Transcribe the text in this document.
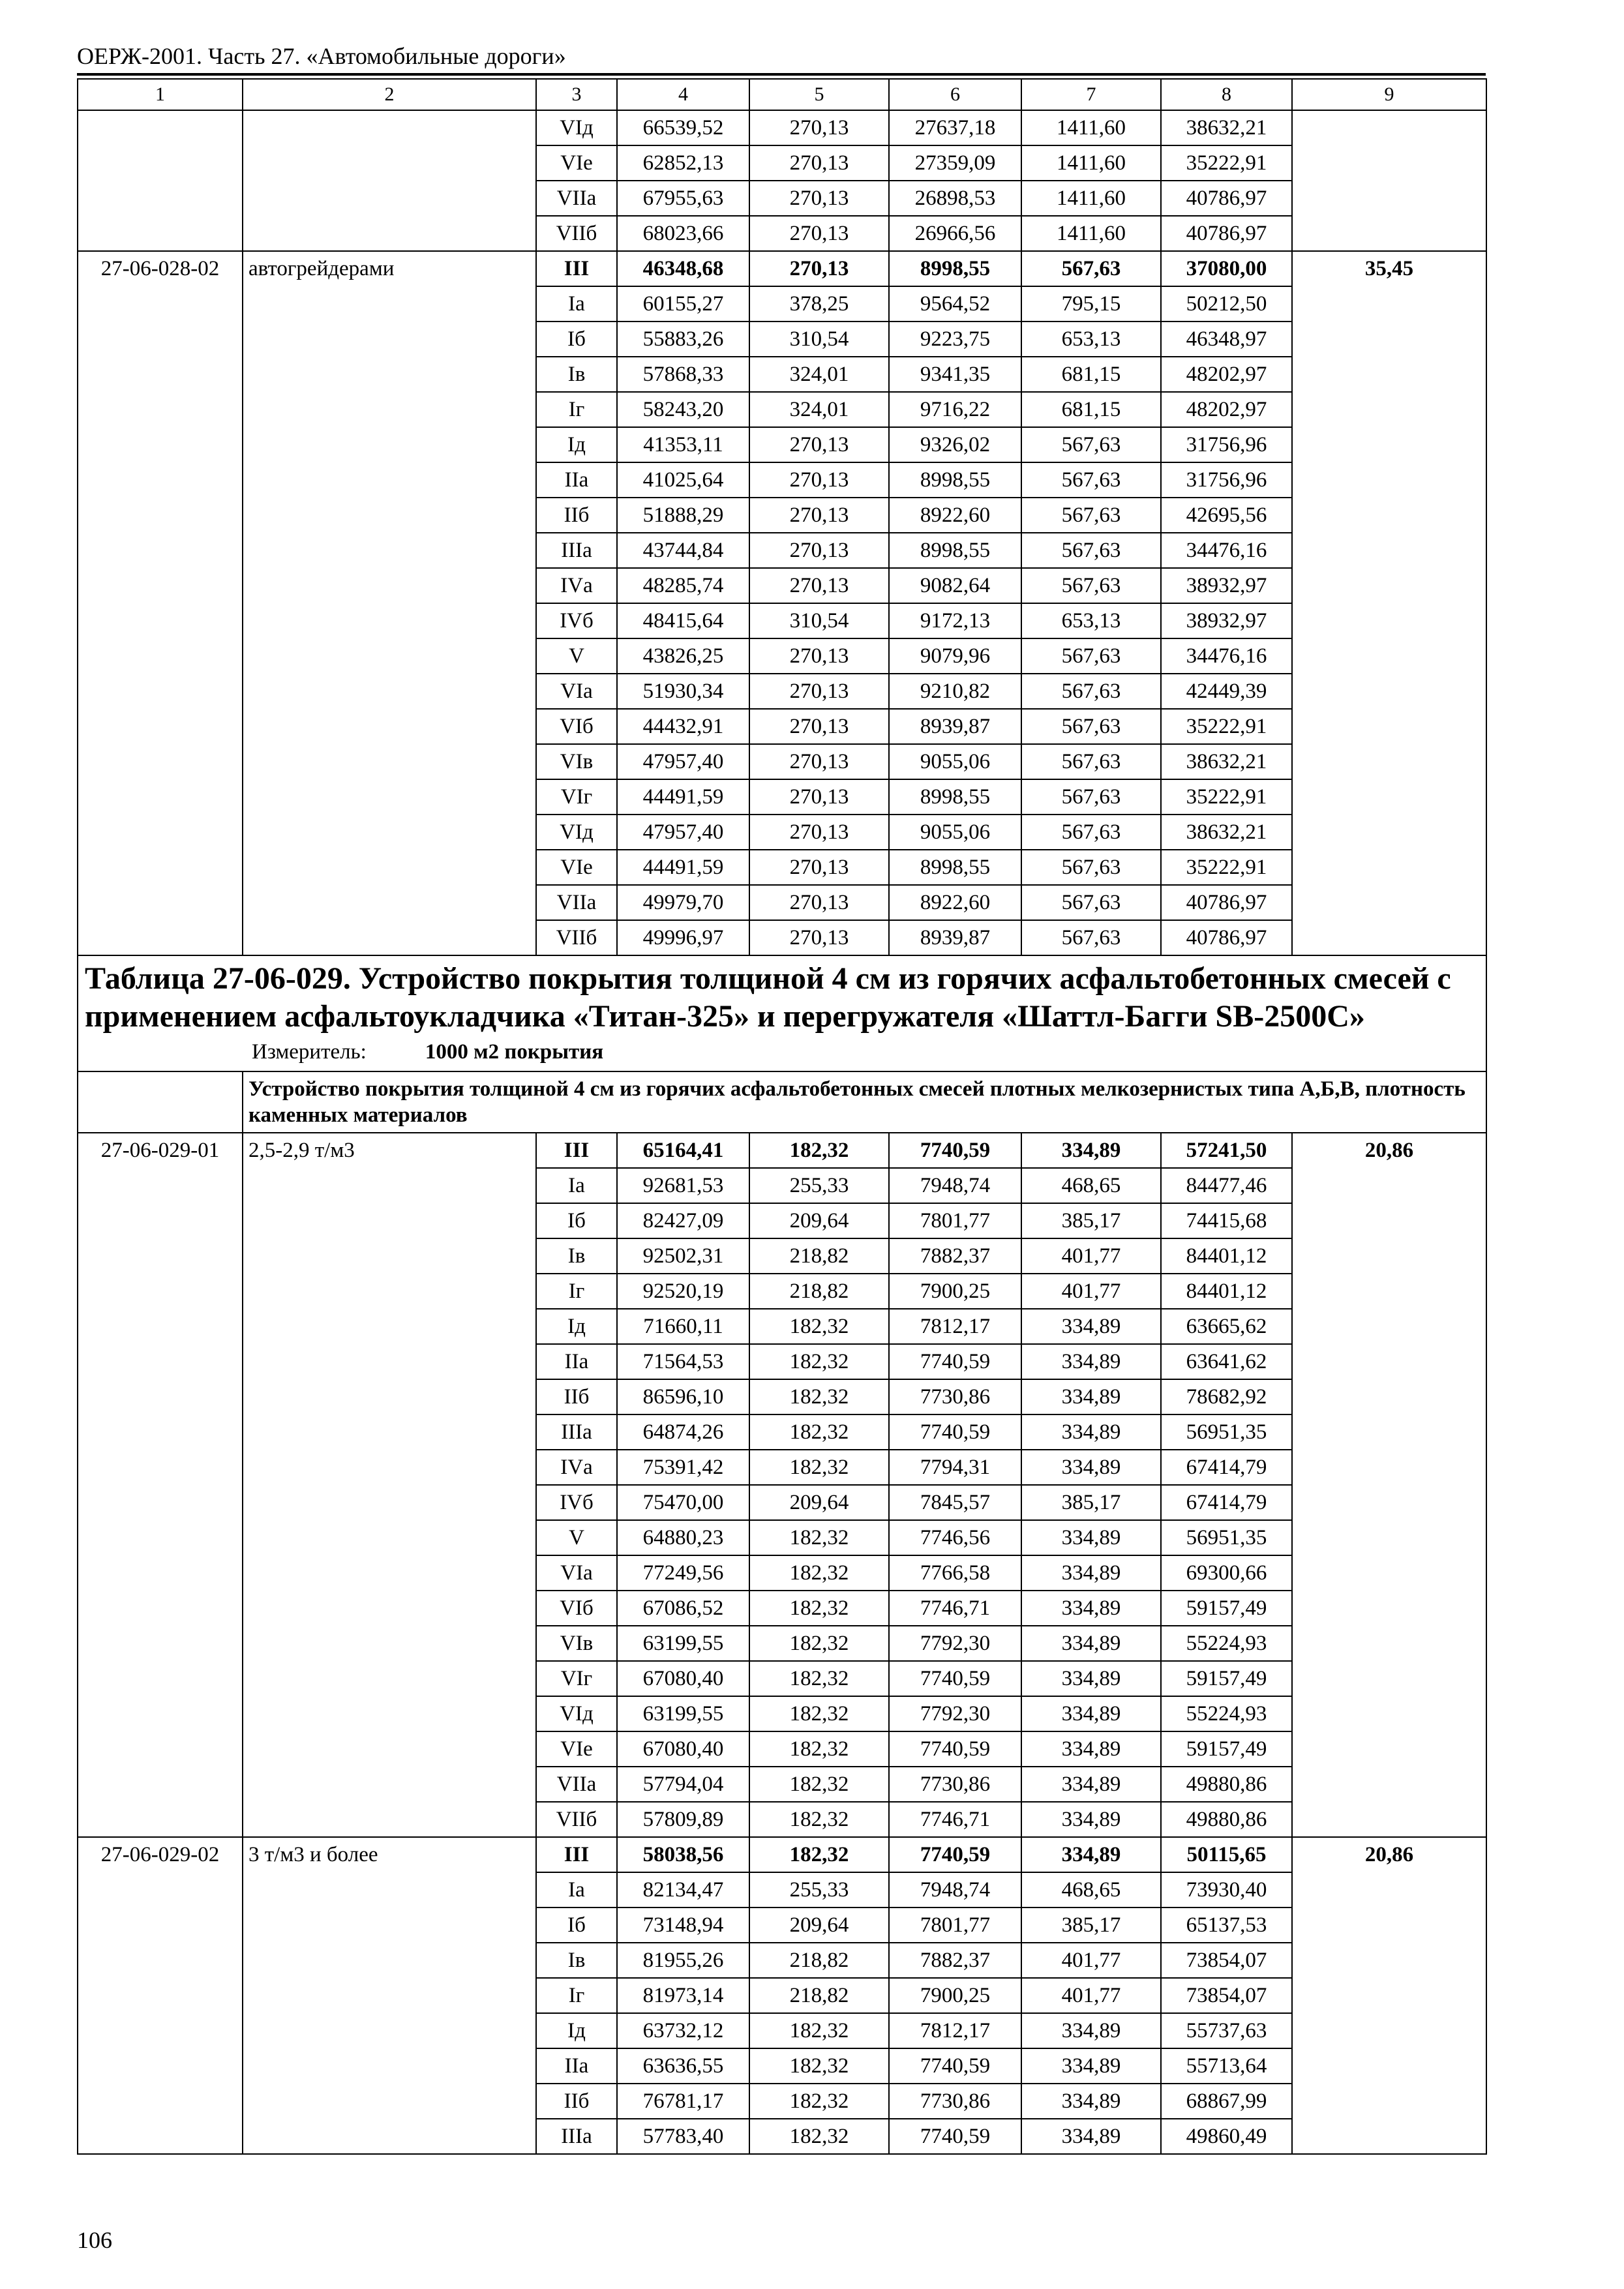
ОЕРЖ-2001. Часть 27. «Автомобильные дороги»
1	2	3	4	5	6	7	8	9
		VIд	66539,52	270,13	27637,18	1411,60	38632,21	
		VIе	62852,13	270,13	27359,09	1411,60	35222,91	
		VIIа	67955,63	270,13	26898,53	1411,60	40786,97	
		VIIб	68023,66	270,13	26966,56	1411,60	40786,97	
27-06-028-02	автогрейдерами	III	46348,68	270,13	8998,55	567,63	37080,00	35,45
		Iа	60155,27	378,25	9564,52	795,15	50212,50	
		Iб	55883,26	310,54	9223,75	653,13	46348,97	
		Iв	57868,33	324,01	9341,35	681,15	48202,97	
		Iг	58243,20	324,01	9716,22	681,15	48202,97	
		Iд	41353,11	270,13	9326,02	567,63	31756,96	
		IIа	41025,64	270,13	8998,55	567,63	31756,96	
		IIб	51888,29	270,13	8922,60	567,63	42695,56	
		IIIа	43744,84	270,13	8998,55	567,63	34476,16	
		IVа	48285,74	270,13	9082,64	567,63	38932,97	
		IVб	48415,64	310,54	9172,13	653,13	38932,97	
		V	43826,25	270,13	9079,96	567,63	34476,16	
		VIа	51930,34	270,13	9210,82	567,63	42449,39	
		VIб	44432,91	270,13	8939,87	567,63	35222,91	
		VIв	47957,40	270,13	9055,06	567,63	38632,21	
		VIг	44491,59	270,13	8998,55	567,63	35222,91	
		VIд	47957,40	270,13	9055,06	567,63	38632,21	
		VIе	44491,59	270,13	8998,55	567,63	35222,91	
		VIIа	49979,70	270,13	8922,60	567,63	40786,97	
		VIIб	49996,97	270,13	8939,87	567,63	40786,97	

Таблица 27-06-029. Устройство покрытия толщиной 4 см из горячих асфальтобетонных смесей с применением асфальтоукладчика «Титан-325» и перегружателя «Шаттл-Багги SB-2500C»
Измеритель: 1000 м2 покрытия								

	Устройство покрытия толщиной 4 см из горячих асфальтобетонных смесей плотных мелкозернистых типа А,Б,В, плотность каменных материалов							
27-06-029-01	2,5-2,9 т/м3	III	65164,41	182,32	7740,59	334,89	57241,50	20,86
		Iа	92681,53	255,33	7948,74	468,65	84477,46	
		Iб	82427,09	209,64	7801,77	385,17	74415,68	
		Iв	92502,31	218,82	7882,37	401,77	84401,12	
		Iг	92520,19	218,82	7900,25	401,77	84401,12	
		Iд	71660,11	182,32	7812,17	334,89	63665,62	
		IIа	71564,53	182,32	7740,59	334,89	63641,62	
		IIб	86596,10	182,32	7730,86	334,89	78682,92	
		IIIа	64874,26	182,32	7740,59	334,89	56951,35	
		IVа	75391,42	182,32	7794,31	334,89	67414,79	
		IVб	75470,00	209,64	7845,57	385,17	67414,79	
		V	64880,23	182,32	7746,56	334,89	56951,35	
		VIа	77249,56	182,32	7766,58	334,89	69300,66	
		VIб	67086,52	182,32	7746,71	334,89	59157,49	
		VIв	63199,55	182,32	7792,30	334,89	55224,93	
		VIг	67080,40	182,32	7740,59	334,89	59157,49	
		VIд	63199,55	182,32	7792,30	334,89	55224,93	
		VIе	67080,40	182,32	7740,59	334,89	59157,49	
		VIIа	57794,04	182,32	7730,86	334,89	49880,86	
		VIIб	57809,89	182,32	7746,71	334,89	49880,86	
27-06-029-02	3 т/м3 и более	III	58038,56	182,32	7740,59	334,89	50115,65	20,86
		Iа	82134,47	255,33	7948,74	468,65	73930,40	
		Iб	73148,94	209,64	7801,77	385,17	65137,53	
		Iв	81955,26	218,82	7882,37	401,77	73854,07	
		Iг	81973,14	218,82	7900,25	401,77	73854,07	
		Iд	63732,12	182,32	7812,17	334,89	55737,63	
		IIа	63636,55	182,32	7740,59	334,89	55713,64	
		IIб	76781,17	182,32	7730,86	334,89	68867,99	
		IIIа	57783,40	182,32	7740,59	334,89	49860,49	
106
